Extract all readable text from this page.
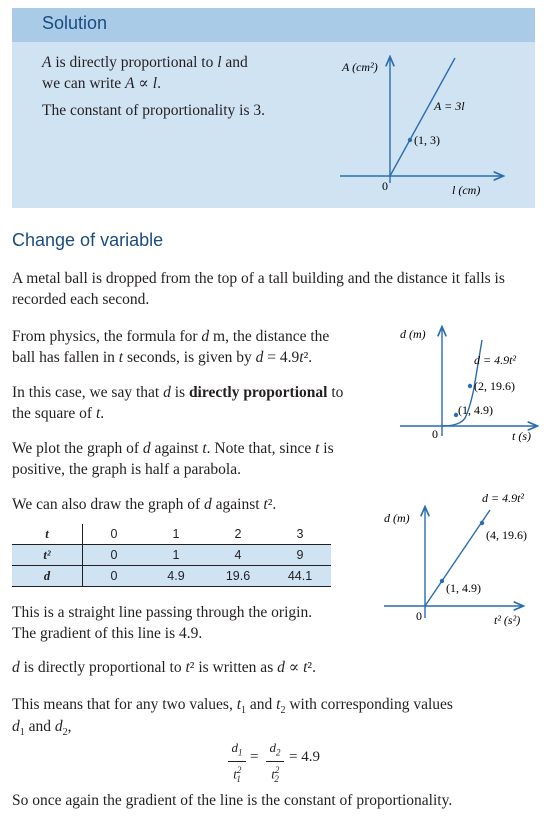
Solution
A is directly proportional to l and
we can write A ∝ l.
The constant of proportionality is 3.
A (cm²)
A = 3l
(1, 3)
0	l (cm)
Change of variable
A metal ball is dropped from the top of a tall building and the distance it falls is recorded each second.
From physics, the formula for d m, the distance the
ball has fallen in t seconds, is given by d = 4.9t².
In this case, we say that d is directly proportional to
the square of t.
We plot the graph of d against t. Note that, since t is
positive, the graph is half a parabola.
d (m)
d = 4.9t²
(2, 19.6)
(1, 4.9)
0	t (s)
We can also draw the graph of d against t².
t	0	1	2	3
t²	0	1	4	9
d	0	4.9	19.6	44.1
d = 4.9t²
d (m)
(4, 19.6)
(1, 4.9)
0	t² (s²)
This is a straight line passing through the origin.
The gradient of this line is 4.9.
d is directly proportional to t² is written as d ∝ t².
This means that for any two values, $t_1$ and $t_2$ with corresponding values
$d_1$ and $d_2$,
$d_1$
$t^2_1$
=
$d_2$
$t^2_2$
= 4.9
So once again the gradient of the line is the constant of proportionality.
